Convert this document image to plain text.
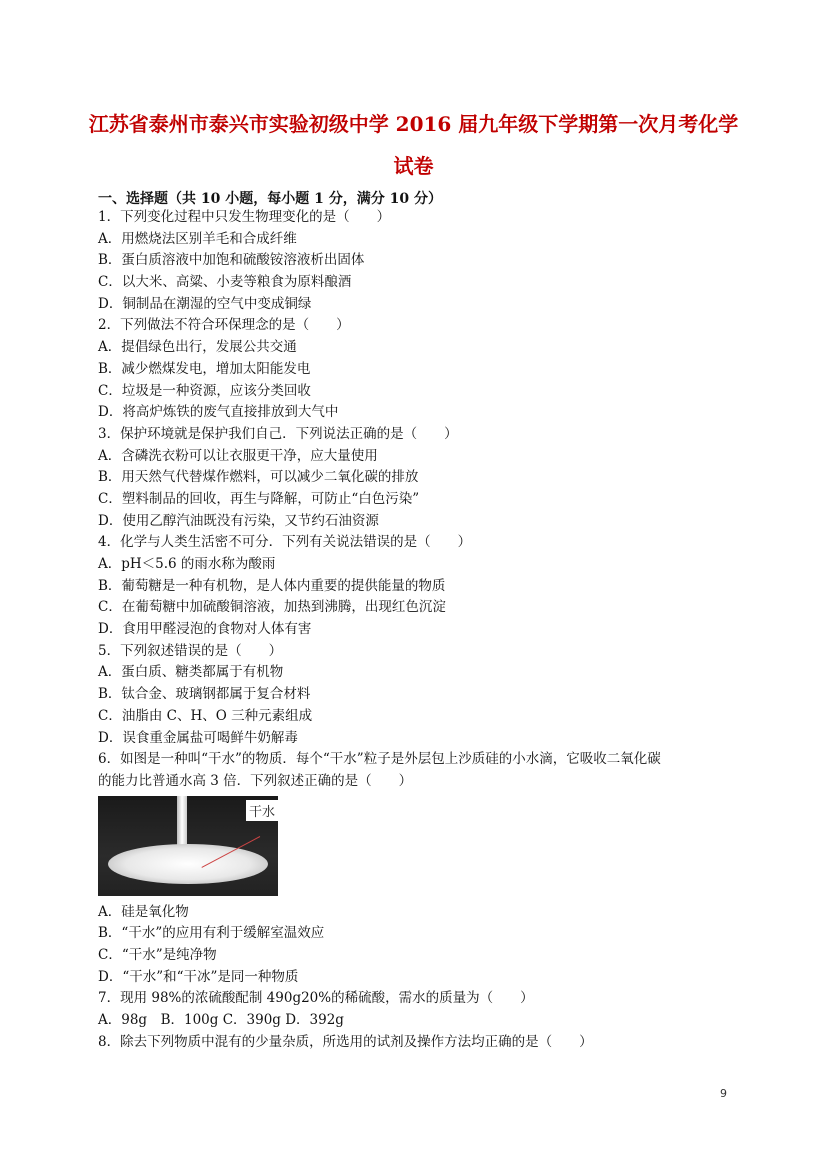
江苏省泰州市泰兴市实验初级中学 2016 届九年级下学期第一次月考化学
试卷
一、选择题（共 10 小题，每小题 1 分，满分 10 分）
1．下列变化过程中只发生物理变化的是（　　）
A．用燃烧法区别羊毛和合成纤维
B．蛋白质溶液中加饱和硫酸铵溶液析出固体
C．以大米、高粱、小麦等粮食为原料酿酒
D．铜制品在潮湿的空气中变成铜绿
2．下列做法不符合环保理念的是（　　）
A．提倡绿色出行，发展公共交通
B．减少燃煤发电，增加太阳能发电
C．垃圾是一种资源，应该分类回收
D．将高炉炼铁的废气直接排放到大气中
3．保护环境就是保护我们自己．下列说法正确的是（　　）
A．含磷洗衣粉可以让衣服更干净，应大量使用
B．用天然气代替煤作燃料，可以减少二氧化碳的排放
C．塑料制品的回收，再生与降解，可防止“白色污染”
D．使用乙醇汽油既没有污染，又节约石油资源
4．化学与人类生活密不可分．下列有关说法错误的是（　　）
A．pH＜5.6 的雨水称为酸雨
B．葡萄糖是一种有机物，是人体内重要的提供能量的物质
C．在葡萄糖中加硫酸铜溶液，加热到沸腾，出现红色沉淀
D．食用甲醛浸泡的食物对人体有害
5．下列叙述错误的是（　　）
A．蛋白质、糖类都属于有机物
B．钛合金、玻璃钢都属于复合材料
C．油脂由 C、H、O 三种元素组成
D．误食重金属盐可喝鲜牛奶解毒
6．如图是一种叫“干水”的物质．每个“干水”粒子是外层包上沙质硅的小水滴，它吸收二氧化碳
的能力比普通水高 3 倍．下列叙述正确的是（　　）
干水
A．硅是氧化物
B．“干水”的应用有利于缓解室温效应
C．“干水”是纯净物
D．“干水”和“干冰”是同一种物质
7．现用 98%的浓硫酸配制 490g20%的稀硫酸，需水的质量为（　　）
A．98g　B．100g C．390g D．392g
8．除去下列物质中混有的少量杂质，所选用的试剂及操作方法均正确的是（　　）
9
